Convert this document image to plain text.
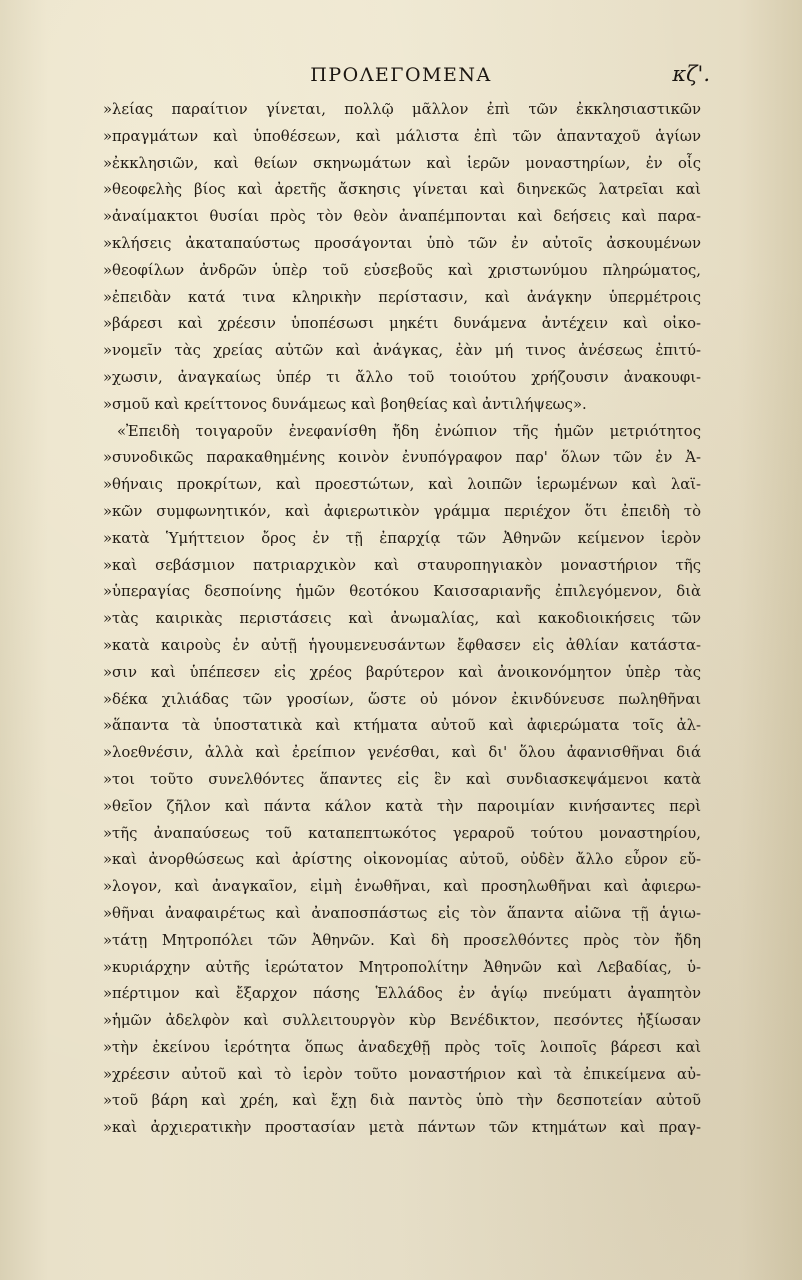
ΠΡΟΛΕΓΟΜΕΝΑ	κζ'.
»λείας παραίτιον γίνεται, πολλῷ μᾶλλον ἐπὶ τῶν ἐκκλησιαστικῶν
»πραγμάτων καὶ ὑποθέσεων, καὶ μάλιστα ἐπὶ τῶν ἁπανταχοῦ ἁγίων
»ἐκκλησιῶν, καὶ θείων σκηνωμάτων καὶ ἱερῶν μοναστηρίων, ἐν οἷς
»θεοφελὴς βίος καὶ ἀρετῆς ἄσκησις γίνεται καὶ διηνεκῶς λατρεῖαι καὶ
»ἀναίμακτοι θυσίαι πρὸς τὸν θεὸν ἀναπέμπονται καὶ δεήσεις καὶ παρα-
»κλήσεις ἀκαταπαύστως προσάγονται ὑπὸ τῶν ἐν αὐτοῖς ἀσκουμένων
»θεοφίλων ἀνδρῶν ὑπὲρ τοῦ εὐσεβοῦς καὶ χριστωνύμου πληρώματος,
»ἐπειδὰν κατά τινα κληρικὴν περίστασιν, καὶ ἀνάγκην ὑπερμέτροις
»βάρεσι καὶ χρέεσιν ὑποπέσωσι μηκέτι δυνάμενα ἀντέχειν καὶ οἰκο-
»νομεῖν τὰς χρείας αὐτῶν καὶ ἀνάγκας, ἐὰν μή τινος ἀνέσεως ἐπιτύ-
»χωσιν, ἀναγκαίως ὑπέρ τι ἄλλο τοῦ τοιούτου χρήζουσιν ἀνακουφι-
»σμοῦ καὶ κρείττονος δυνάμεως καὶ βοηθείας καὶ ἀντιλήψεως».
«Ἐπειδὴ τοιγαροῦν ἐνεφανίσθη ἤδη ἐνώπιον τῆς ἡμῶν μετριότητος
»συνοδικῶς παρακαθημένης κοινὸν ἐνυπόγραφον παρ' ὅλων τῶν ἐν Ἀ-
»θήναις προκρίτων, καὶ προεστώτων, καὶ λοιπῶν ἱερωμένων καὶ λαϊ-
»κῶν συμφωνητικόν, καὶ ἀφιερωτικὸν γράμμα περιέχον ὅτι ἐπειδὴ τὸ
»κατὰ Ὑμήττειον ὄρος ἐν τῇ ἐπαρχίᾳ τῶν Ἀθηνῶν κείμενον ἱερὸν
»καὶ σεβάσμιον πατριαρχικὸν καὶ σταυροπηγιακὸν μοναστήριον τῆς
»ὑπεραγίας δεσποίνης ἡμῶν θεοτόκου Καισσαριανῆς ἐπιλεγόμενον, διὰ
»τὰς καιρικὰς περιστάσεις καὶ ἀνωμαλίας, καὶ κακοδιοικήσεις τῶν
»κατὰ καιροὺς ἐν αὐτῇ ἡγουμενευσάντων ἔφθασεν εἰς ἀθλίαν κατάστα-
»σιν καὶ ὑπέπεσεν εἰς χρέος βαρύτερον καὶ ἀνοικονόμητον ὑπὲρ τὰς
»δέκα χιλιάδας τῶν γροσίων, ὥστε οὐ μόνον ἐκινδύνευσε πωληθῆναι
»ἅπαντα τὰ ὑποστατικὰ καὶ κτήματα αὐτοῦ καὶ ἀφιερώματα τοῖς ἀλ-
»λοεθνέσιν, ἀλλὰ καὶ ἐρείπιον γενέσθαι, καὶ δι' ὅλου ἀφανισθῆναι διά
»τοι τοῦτο συνελθόντες ἅπαντες εἰς ἓν καὶ συνδιασκεψάμενοι κατὰ
»θεῖον ζῆλον καὶ πάντα κάλον κατὰ τὴν παροιμίαν κινήσαντες περὶ
»τῆς ἀναπαύσεως τοῦ καταπεπτωκότος γεραροῦ τούτου μοναστηρίου,
»καὶ ἀνορθώσεως καὶ ἀρίστης οἰκονομίας αὐτοῦ, οὐδὲν ἄλλο εὗρον εὔ-
»λογον, καὶ ἀναγκαῖον, εἰμὴ ἑνωθῆναι, καὶ προσηλωθῆναι καὶ ἀφιερω-
»θῆναι ἀναφαιρέτως καὶ ἀναποσπάστως εἰς τὸν ἅπαντα αἰῶνα τῇ ἁγιω-
»τάτῃ Μητροπόλει τῶν Ἀθηνῶν. Καὶ δὴ προσελθόντες πρὸς τὸν ἤδη
»κυριάρχην αὐτῆς ἱερώτατον Μητροπολίτην Ἀθηνῶν καὶ Λεβαδίας, ὑ-
»πέρτιμον καὶ ἔξαρχον πάσης Ἑλλάδος ἐν ἁγίῳ πνεύματι ἀγαπητὸν
»ἡμῶν ἀδελφὸν καὶ συλλειτουργὸν κὺρ Βενέδικτον, πεσόντες ἠξίωσαν
»τὴν ἐκείνου ἱερότητα ὅπως ἀναδεχθῇ πρὸς τοῖς λοιποῖς βάρεσι καὶ
»χρέεσιν αὐτοῦ καὶ τὸ ἱερὸν τοῦτο μοναστήριον καὶ τὰ ἐπικείμενα αὐ-
»τοῦ βάρη καὶ χρέη, καὶ ἔχῃ διὰ παντὸς ὑπὸ τὴν δεσποτείαν αὐτοῦ
»καὶ ἀρχιερατικὴν προστασίαν μετὰ πάντων τῶν κτημάτων καὶ πραγ-
